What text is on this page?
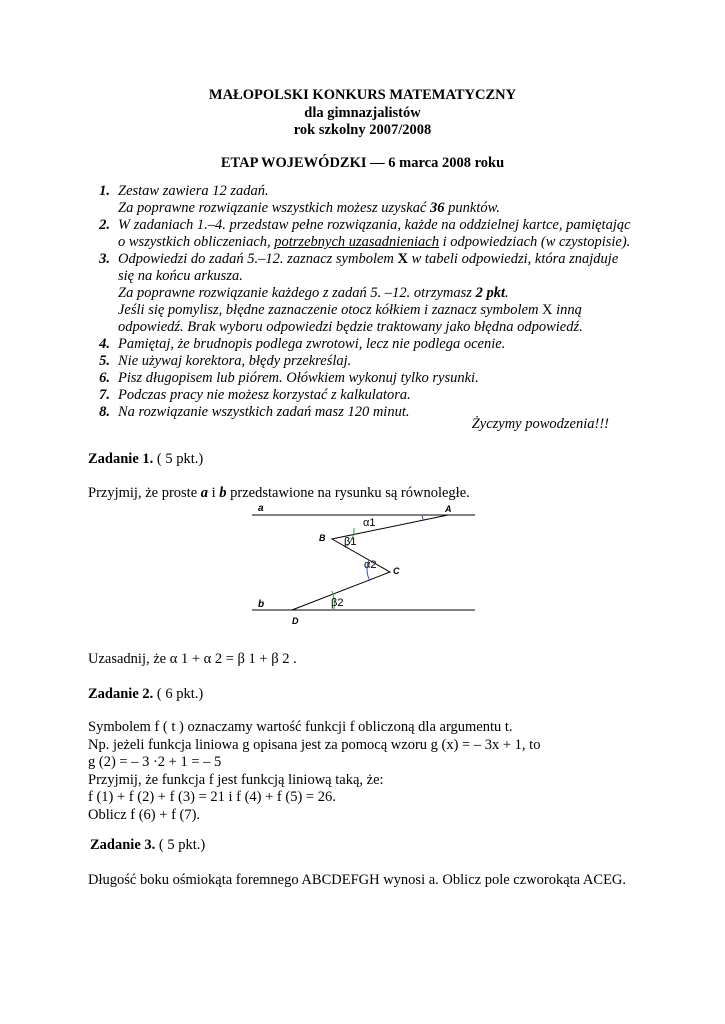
MAŁOPOLSKI KONKURS MATEMATYCZNY
dla gimnazjalistów
rok szkolny 2007/2008
ETAP WOJEWÓDZKI — 6 marca 2008 roku
1. Zestaw zawiera 12 zadań.
Za poprawne rozwiązanie wszystkich możesz uzyskać 36 punktów.
2. W zadaniach 1.–4. przedstaw pełne rozwiązania, każde na oddzielnej kartce, pamiętając
o wszystkich obliczeniach, potrzebnych uzasadnieniach i odpowiedziach (w czystopisie).
3. Odpowiedzi do zadań 5.–12. zaznacz symbolem X w tabeli odpowiedzi, która znajduje
się na końcu arkusza.
Za poprawne rozwiązanie każdego z zadań 5. –12. otrzymasz 2 pkt.
Jeśli się pomylisz, błędne zaznaczenie otocz kółkiem i zaznacz symbolem X inną
odpowiedź. Brak wyboru odpowiedzi będzie traktowany jako błędna odpowiedź.
4. Pamiętaj, że brudnopis podlega zwrotowi, lecz nie podlega ocenie.
5. Nie używaj korektora, błędy przekreślaj.
6. Pisz długopisem lub piórem. Ołówkiem wykonuj tylko rysunki.
7. Podczas pracy nie możesz korzystać z kalkulatora.
8. Na rozwiązanie wszystkich zadań masz 120 minut.
Życzymy powodzenia!!!
Zadanie 1. ( 5 pkt.)
Przyjmij, że proste a i b przedstawione na rysunku są równoległe.
a
b
A
B
C
D
α1
β1
α2
β2
Uzasadnij, że α 1 + α 2 = β 1 + β 2 .
Zadanie 2. ( 6 pkt.)
Symbolem f ( t ) oznaczamy wartość funkcji f obliczoną dla argumentu t.
Np. jeżeli funkcja liniowa g opisana jest za pomocą wzoru g (x) = – 3x + 1, to
g (2) = – 3 ·2 + 1 = – 5
Przyjmij, że funkcja f jest funkcją liniową taką, że:
f (1) + f (2) + f (3) = 21 i f (4) + f (5) = 26.
Oblicz f (6) + f (7).
Zadanie 3. ( 5 pkt.)
Długość boku ośmiokąta foremnego ABCDEFGH wynosi a. Oblicz pole czworokąta ACEG.
